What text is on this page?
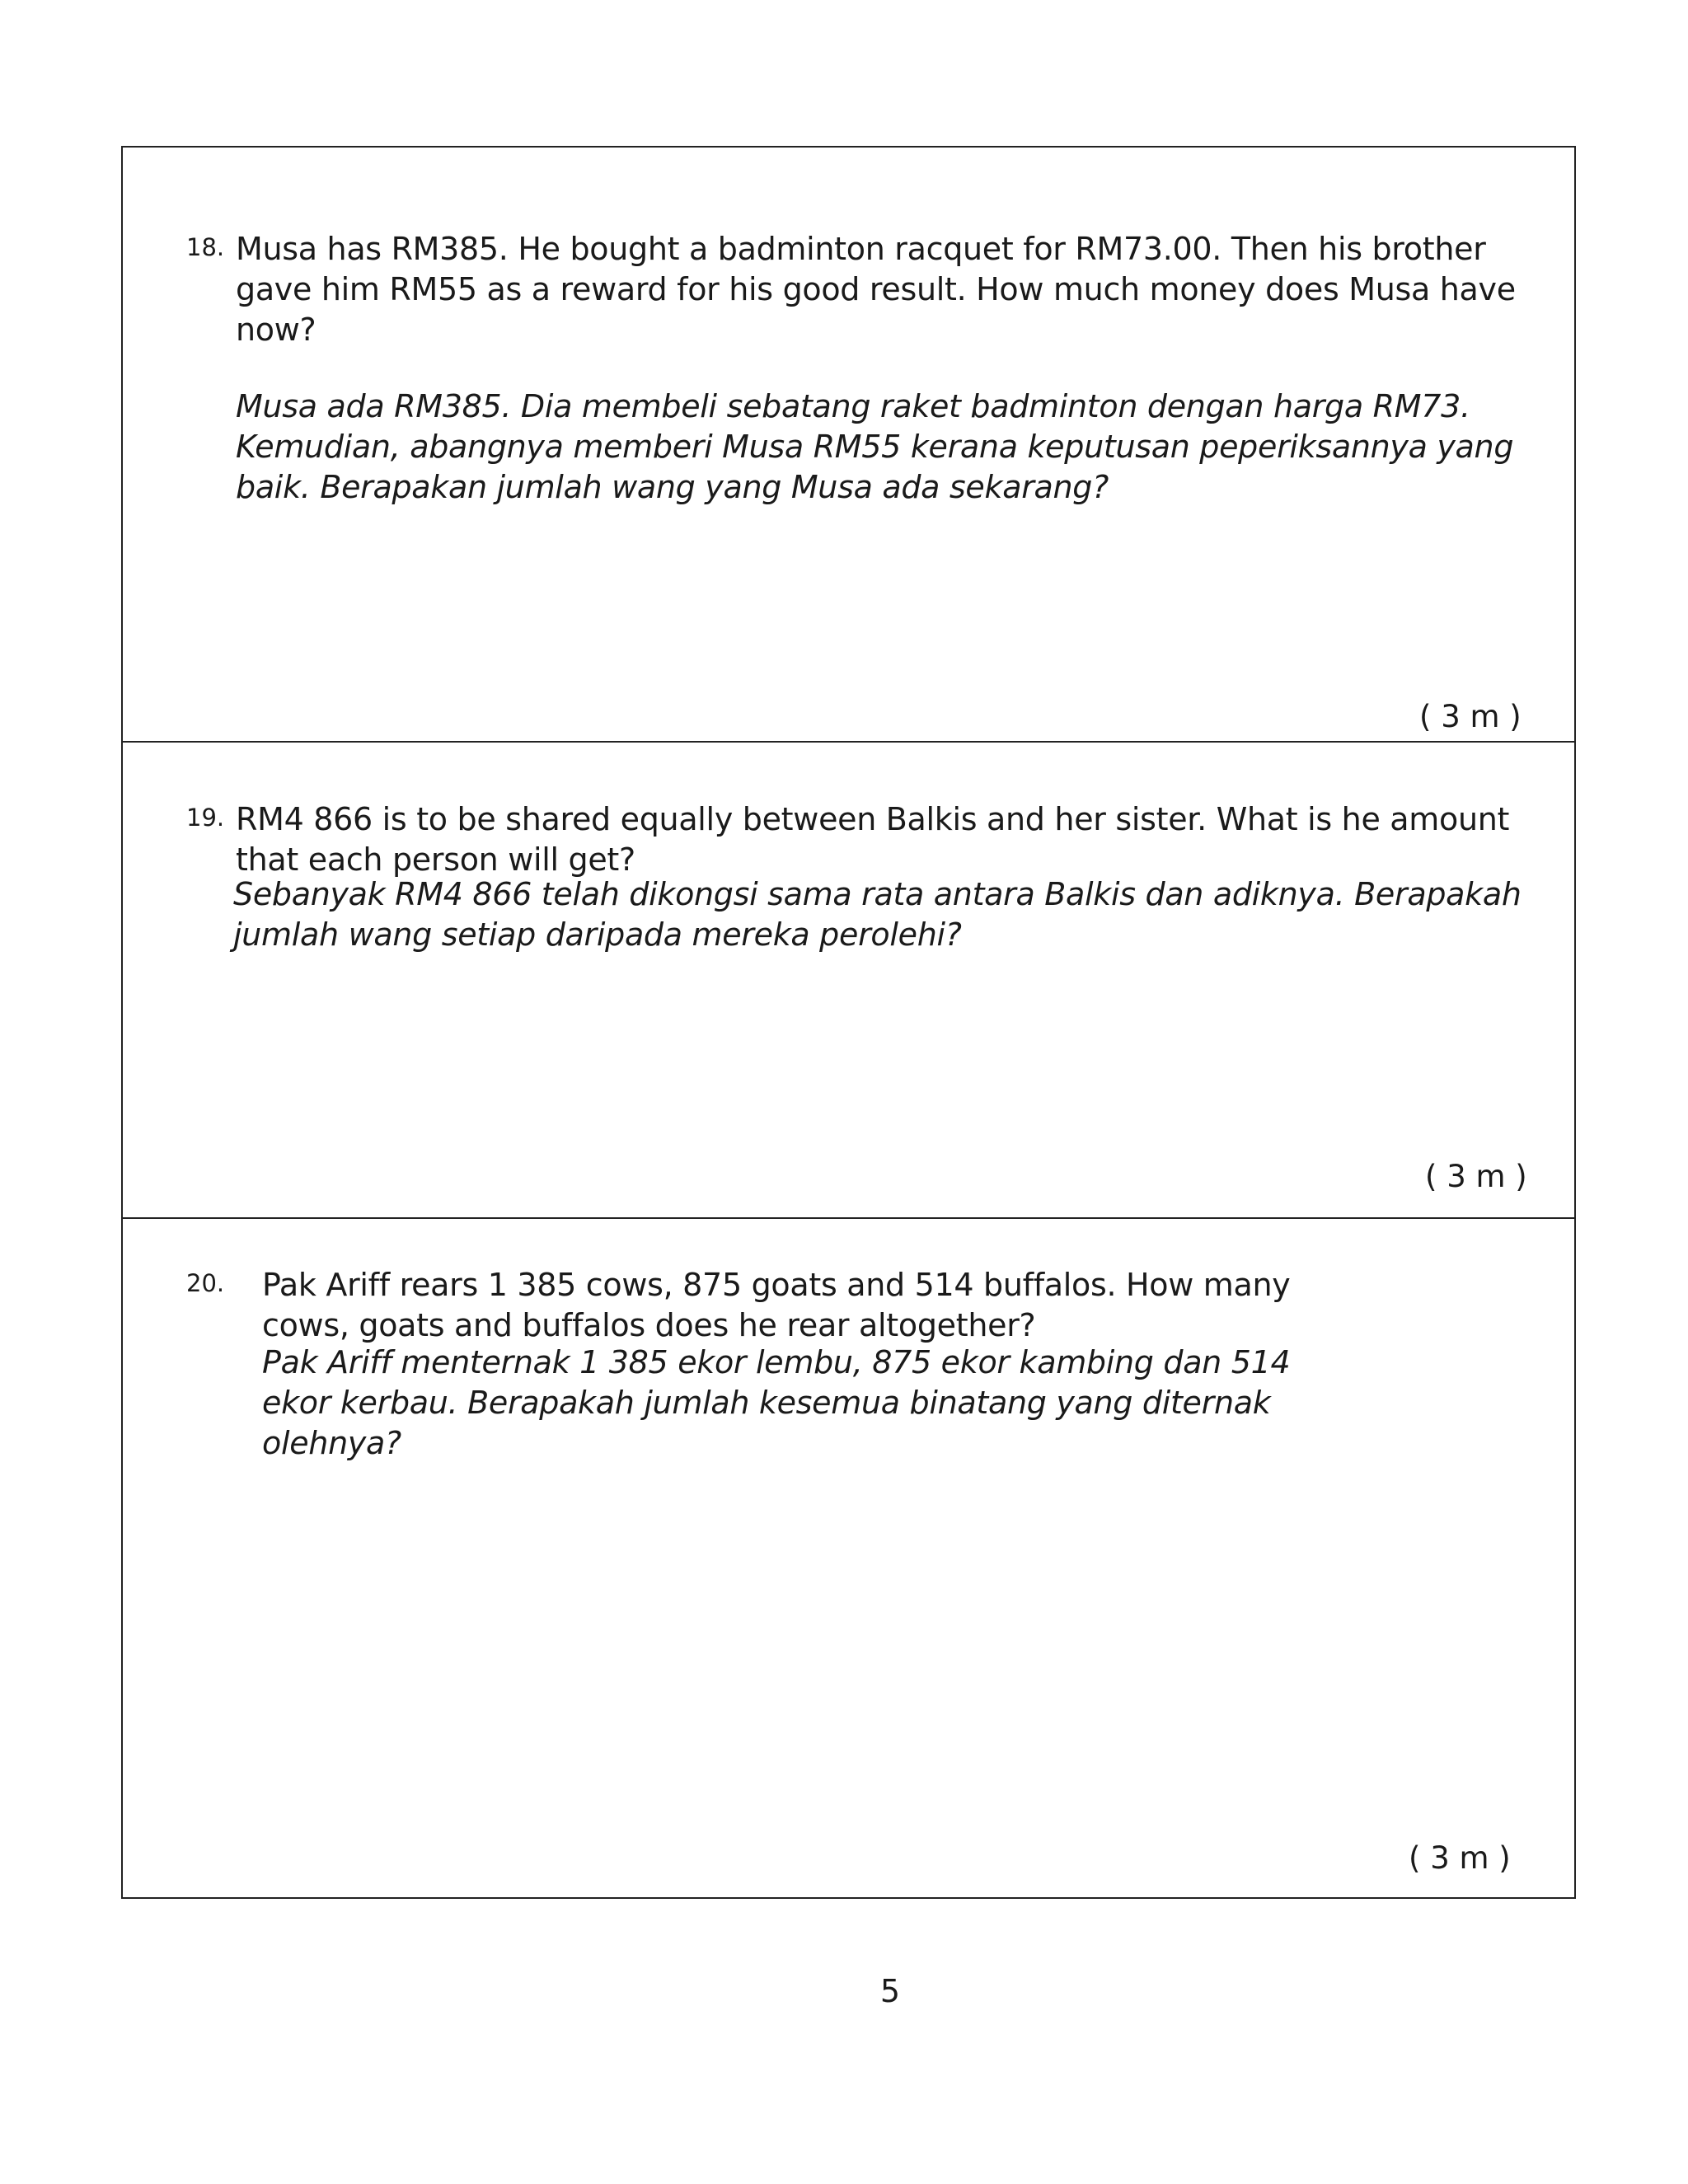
18. Musa has RM385. He bought a badminton racquet for RM73.00. Then his brother gave him RM55 as a reward for his good result. How much money does Musa have now?

Musa ada RM385. Dia membeli sebatang raket badminton dengan harga RM73. Kemudian, abangnya memberi Musa RM55 kerana keputusan peperiksannya yang baik. Berapakan jumlah wang yang Musa ada sekarang?

( 3 m )
19. RM4 866 is to be shared equally between Balkis and her sister. What is he amount that each person will get?

Sebanyak RM4 866 telah dikongsi sama rata antara Balkis dan adiknya. Berapakah jumlah wang setiap daripada mereka perolehi?

( 3 m )
20. Pak Ariff rears 1 385 cows, 875 goats and 514 buffalos. How many cows, goats and buffalos does he rear altogether?

Pak Ariff menternak 1 385 ekor lembu, 875 ekor kambing dan 514 ekor kerbau. Berapakah jumlah kesemua binatang yang diternak olehnya?

( 3 m )
5
